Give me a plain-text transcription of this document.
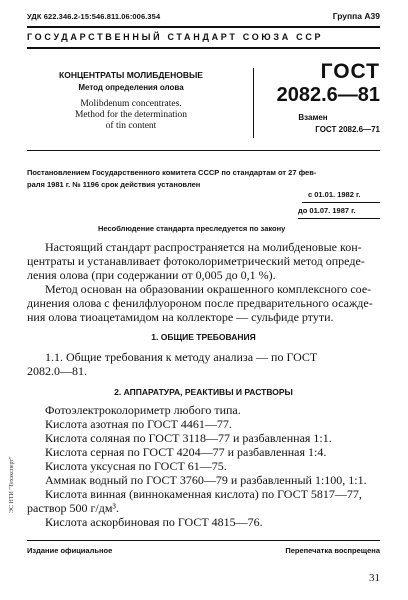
УДК 622.346.2-15:546.811.06:006.354	Группа А39
ГОСУДАРСТВЕННЫЙ СТАНДАРТ СОЮЗА ССР
КОНЦЕНТРАТЫ МОЛИБДЕНОВЫЕ
Метод определения олова
Molibdenum concentrates.
Method for the determination
of tin content
ГОСТ
2082.6—81
Взамен
ГОСТ 2082.6—71
Постановлением Государственного комитета СССР по стандартам от 27 фев-
раля 1981 г. № 1196 срок действия установлен
с 01.01. 1982 г.
до 01.07. 1987 г.
Несоблюдение стандарта преследуется по закону
Настоящий стандарт распространяется на молибденовые кон-
центраты и устанавливает фотоколориметрический метод опреде-
ления олова (при содержании от 0,005 до 0,1 %).
Метод основан на образовании окрашенного комплексного сое-
динения олова с фенилфлуороном после предварительного осажде-
ния олова тиоацетамидом на коллекторе — сульфиде ртути.
1. ОБЩИЕ ТРЕБОВАНИЯ
1.1. Общие требования к методу анализа — по ГОСТ
2082.0—81.
2. АППАРАТУРА, РЕАКТИВЫ И РАСТВОРЫ
Фотоэлектроколориметр любого типа.
Кислота азотная по ГОСТ 4461—77.
Кислота соляная по ГОСТ 3118—77 и разбавленная 1:1.
Кислота серная по ГОСТ 4204—77 и разбавленная 1:4.
Кислота уксусная по ГОСТ 61—75.
Аммиак водный по ГОСТ 3760—79 и разбавленный 1:100, 1:1.
Кислота винная (виннокаменная кислота) по ГОСТ 5817—77,
раствор 500 г/дм³.
Кислота аскорбиновая по ГОСТ 4815—76.
ЭС НТИ "Техэксперт"
Издание официальное	Перепечатка воспрещена
31
